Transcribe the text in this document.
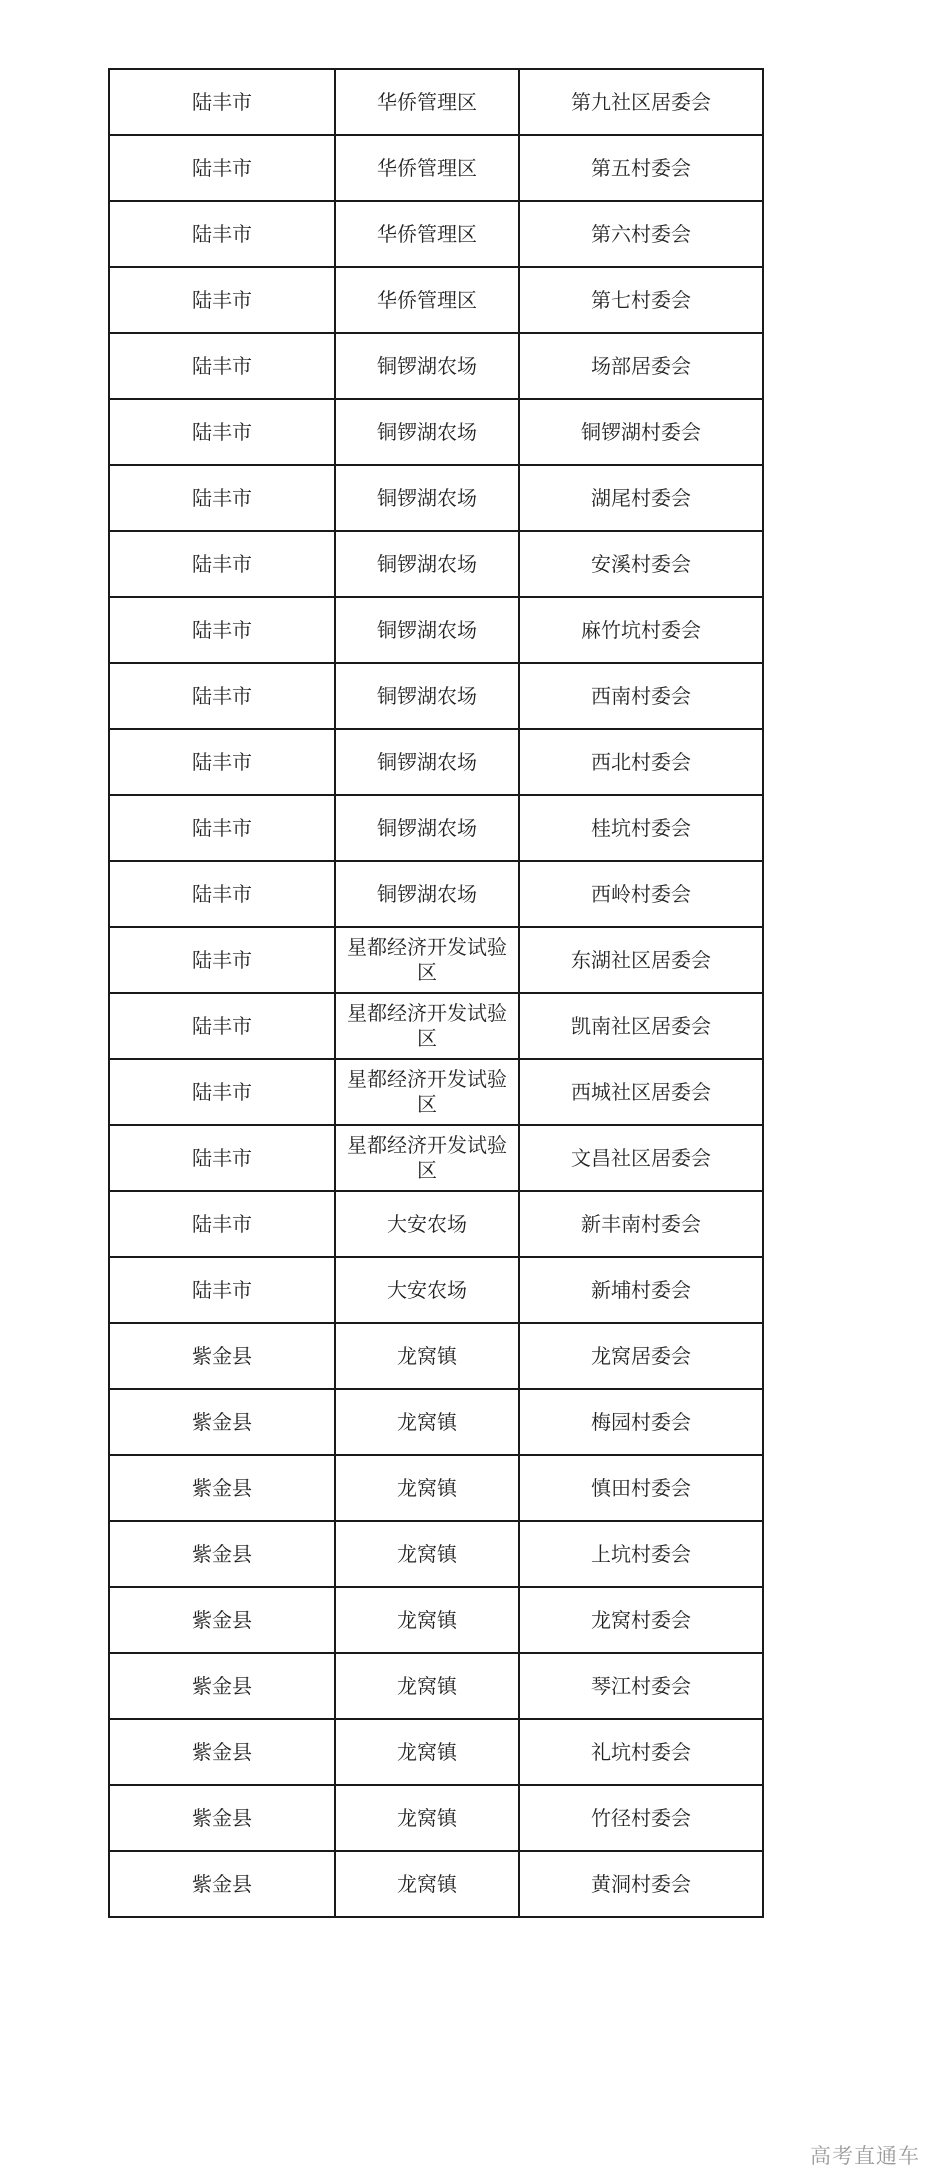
陆丰市	华侨管理区	第九社区居委会
陆丰市	华侨管理区	第五村委会
陆丰市	华侨管理区	第六村委会
陆丰市	华侨管理区	第七村委会
陆丰市	铜锣湖农场	场部居委会
陆丰市	铜锣湖农场	铜锣湖村委会
陆丰市	铜锣湖农场	湖尾村委会
陆丰市	铜锣湖农场	安溪村委会
陆丰市	铜锣湖农场	麻竹坑村委会
陆丰市	铜锣湖农场	西南村委会
陆丰市	铜锣湖农场	西北村委会
陆丰市	铜锣湖农场	桂坑村委会
陆丰市	铜锣湖农场	西岭村委会
陆丰市	星都经济开发试验区	东湖社区居委会
陆丰市	星都经济开发试验区	凯南社区居委会
陆丰市	星都经济开发试验区	西城社区居委会
陆丰市	星都经济开发试验区	文昌社区居委会
陆丰市	大安农场	新丰南村委会
陆丰市	大安农场	新埔村委会
紫金县	龙窝镇	龙窝居委会
紫金县	龙窝镇	梅园村委会
紫金县	龙窝镇	慎田村委会
紫金县	龙窝镇	上坑村委会
紫金县	龙窝镇	龙窝村委会
紫金县	龙窝镇	琴江村委会
紫金县	龙窝镇	礼坑村委会
紫金县	龙窝镇	竹径村委会
紫金县	龙窝镇	黄洞村委会
高考直通车
